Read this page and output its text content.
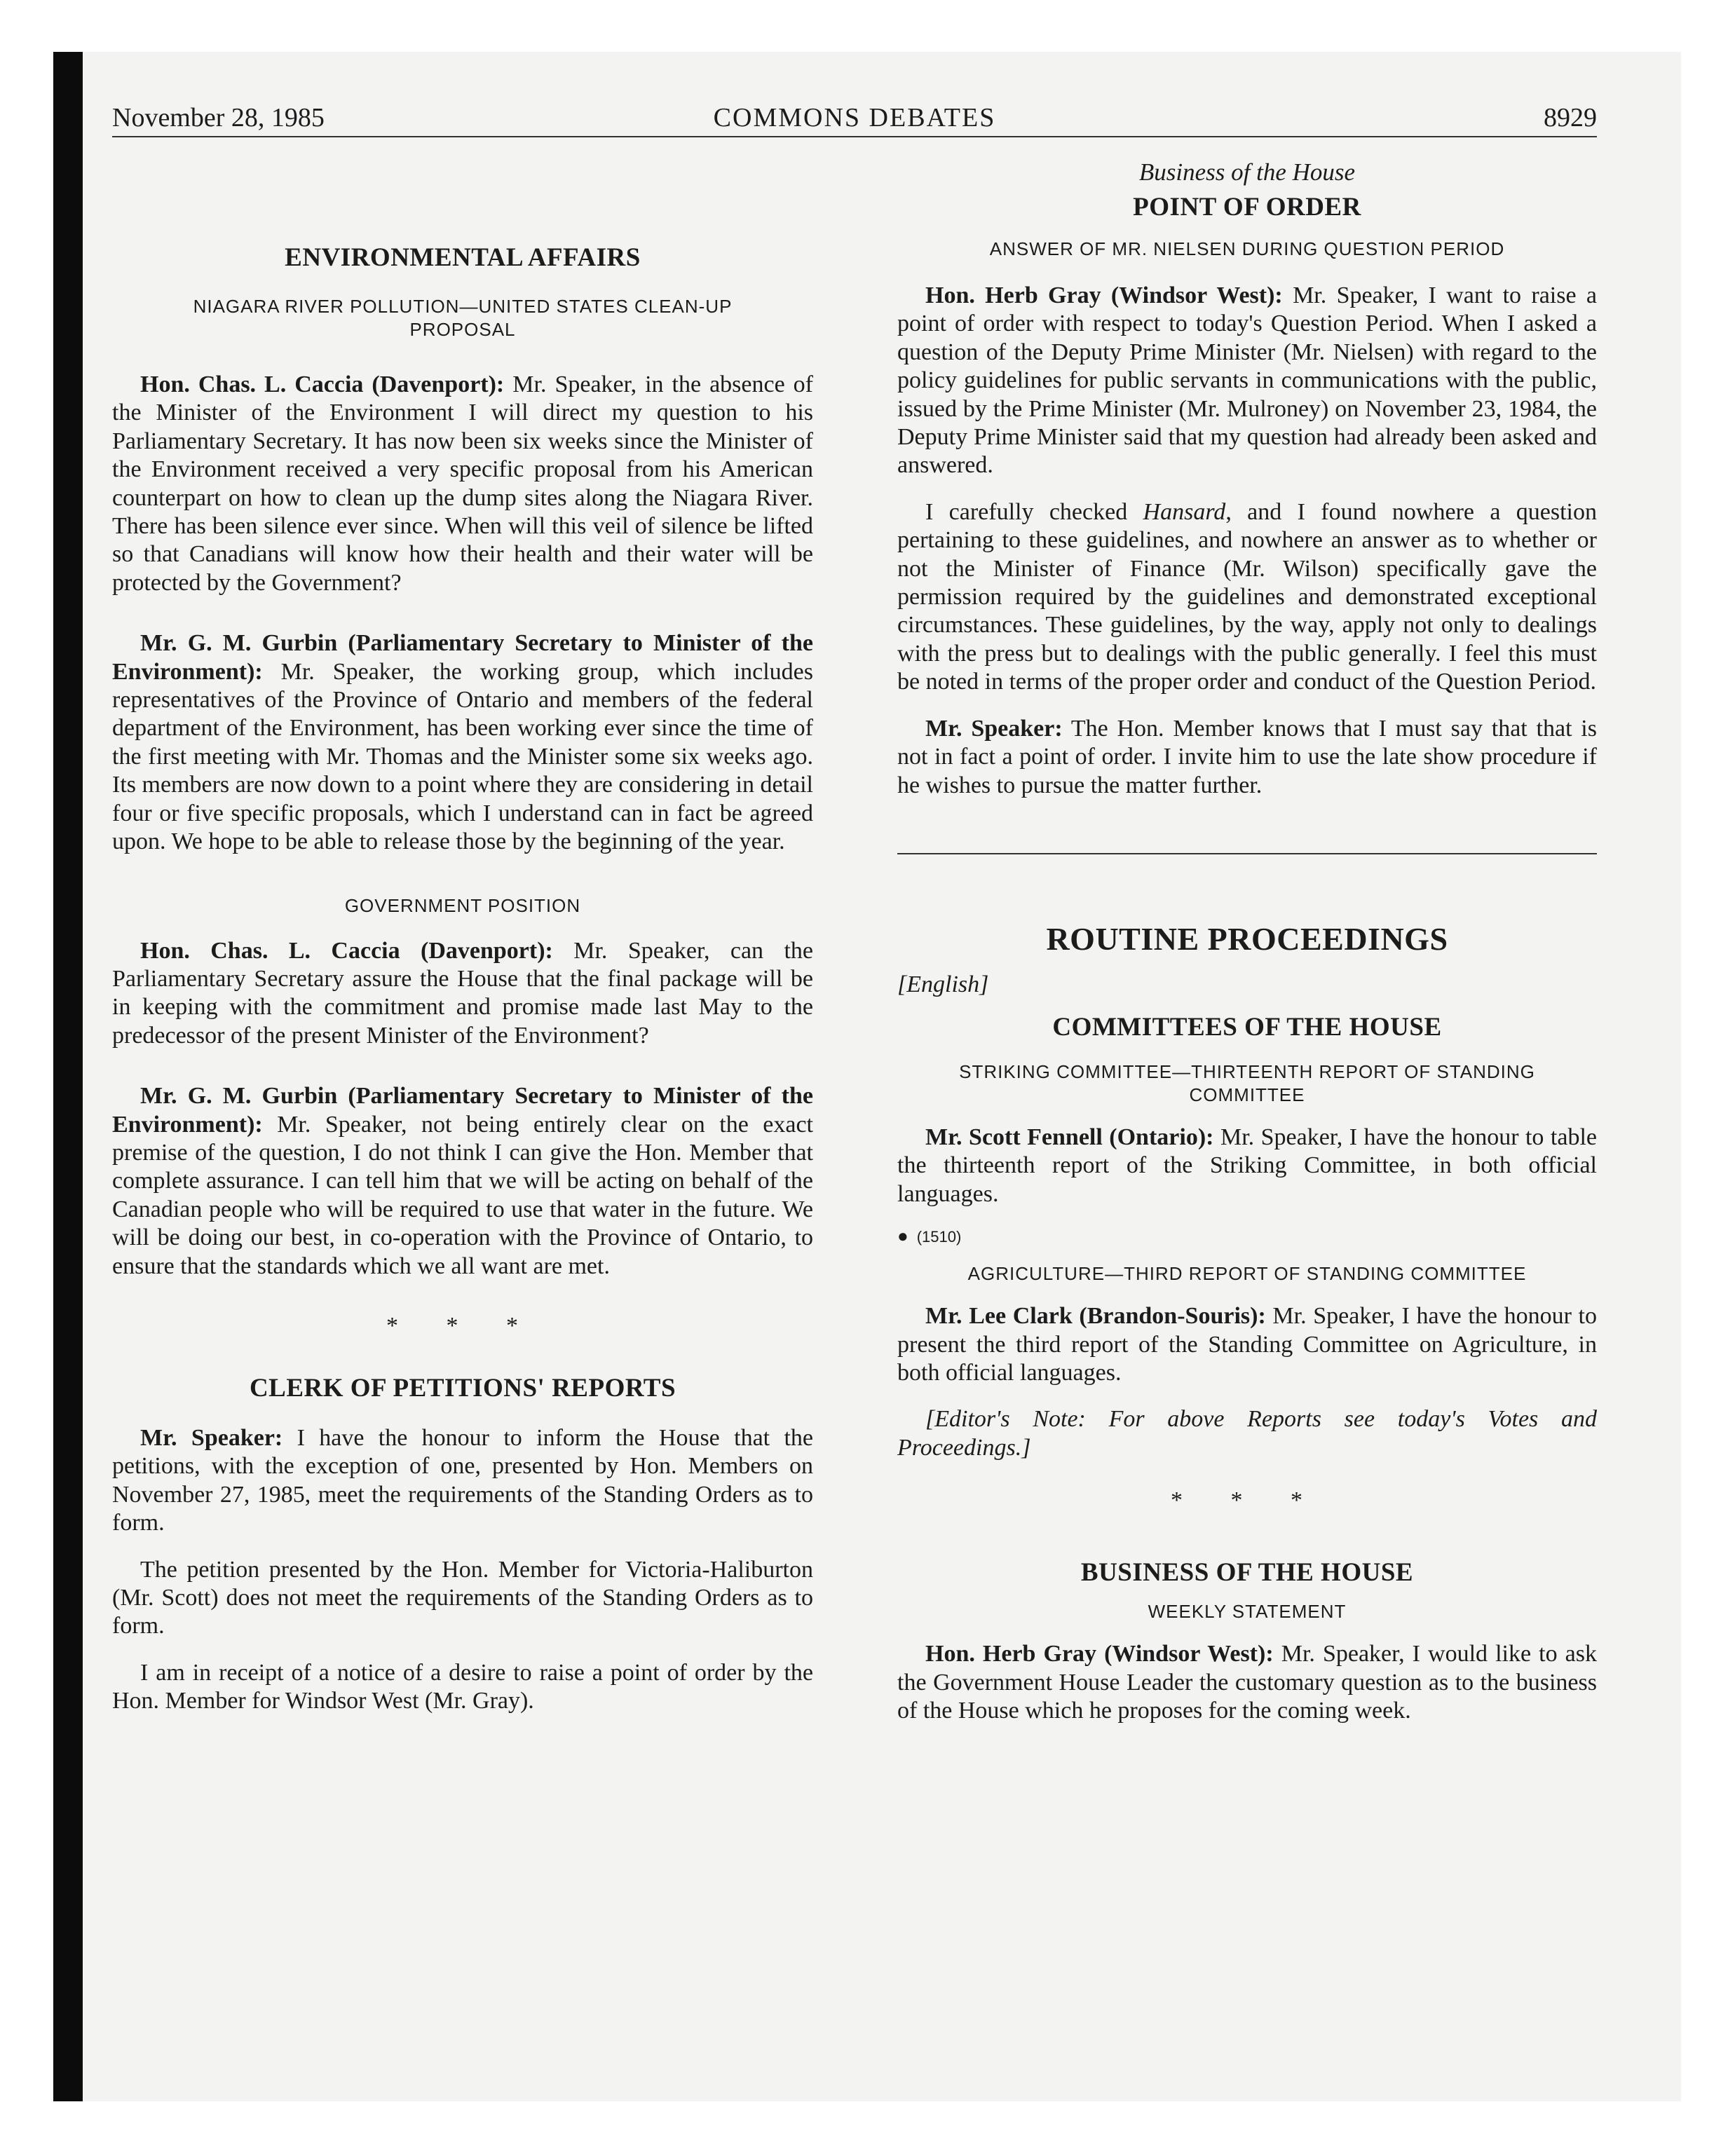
November 28, 1985	COMMONS DEBATES	8929
ENVIRONMENTAL AFFAIRS
NIAGARA RIVER POLLUTION—UNITED STATES CLEAN-UP PROPOSAL

Hon. Chas. L. Caccia (Davenport): Mr. Speaker, in the absence of the Minister of the Environment I will direct my question to his Parliamentary Secretary. It has now been six weeks since the Minister of the Environment received a very specific proposal from his American counterpart on how to clean up the dump sites along the Niagara River. There has been silence ever since. When will this veil of silence be lifted so that Canadians will know how their health and their water will be protected by the Government?

Mr. G. M. Gurbin (Parliamentary Secretary to Minister of the Environment): Mr. Speaker, the working group, which includes representatives of the Province of Ontario and members of the federal department of the Environment, has been working ever since the time of the first meeting with Mr. Thomas and the Minister some six weeks ago. Its members are now down to a point where they are considering in detail four or five specific proposals, which I understand can in fact be agreed upon. We hope to be able to release those by the beginning of the year.

GOVERNMENT POSITION

Hon. Chas. L. Caccia (Davenport): Mr. Speaker, can the Parliamentary Secretary assure the House that the final package will be in keeping with the commitment and promise made last May to the predecessor of the present Minister of the Environment?

Mr. G. M. Gurbin (Parliamentary Secretary to Minister of the Environment): Mr. Speaker, not being entirely clear on the exact premise of the question, I do not think I can give the Hon. Member that complete assurance. I can tell him that we will be acting on behalf of the Canadian people who will be required to use that water in the future. We will be doing our best, in co-operation with the Province of Ontario, to ensure that the standards which we all want are met.

* * *
CLERK OF PETITIONS' REPORTS

Mr. Speaker: I have the honour to inform the House that the petitions, with the exception of one, presented by Hon. Members on November 27, 1985, meet the requirements of the Standing Orders as to form.

The petition presented by the Hon. Member for Victoria-Haliburton (Mr. Scott) does not meet the requirements of the Standing Orders as to form.

I am in receipt of a notice of a desire to raise a point of order by the Hon. Member for Windsor West (Mr. Gray).

Business of the House
POINT OF ORDER
ANSWER OF MR. NIELSEN DURING QUESTION PERIOD

Hon. Herb Gray (Windsor West): Mr. Speaker, I want to raise a point of order with respect to today's Question Period. When I asked a question of the Deputy Prime Minister (Mr. Nielsen) with regard to the policy guidelines for public servants in communications with the public, issued by the Prime Minister (Mr. Mulroney) on November 23, 1984, the Deputy Prime Minister said that my question had already been asked and answered.

I carefully checked Hansard, and I found nowhere a question pertaining to these guidelines, and nowhere an answer as to whether or not the Minister of Finance (Mr. Wilson) specifically gave the permission required by the guidelines and demonstrated exceptional circumstances. These guidelines, by the way, apply not only to dealings with the press but to dealings with the public generally. I feel this must be noted in terms of the proper order and conduct of the Question Period.

Mr. Speaker: The Hon. Member knows that I must say that that is not in fact a point of order. I invite him to use the late show procedure if he wishes to pursue the matter further.

ROUTINE PROCEEDINGS
[English]
COMMITTEES OF THE HOUSE
STRIKING COMMITTEE—THIRTEENTH REPORT OF STANDING COMMITTEE

Mr. Scott Fennell (Ontario): Mr. Speaker, I have the honour to table the thirteenth report of the Striking Committee, in both official languages.

● (1510)
AGRICULTURE—THIRD REPORT OF STANDING COMMITTEE

Mr. Lee Clark (Brandon-Souris): Mr. Speaker, I have the honour to present the third report of the Standing Committee on Agriculture, in both official languages.

[Editor's Note: For above Reports see today's Votes and Proceedings.]

* * *
BUSINESS OF THE HOUSE
WEEKLY STATEMENT

Hon. Herb Gray (Windsor West): Mr. Speaker, I would like to ask the Government House Leader the customary question as to the business of the House which he proposes for the coming week.
